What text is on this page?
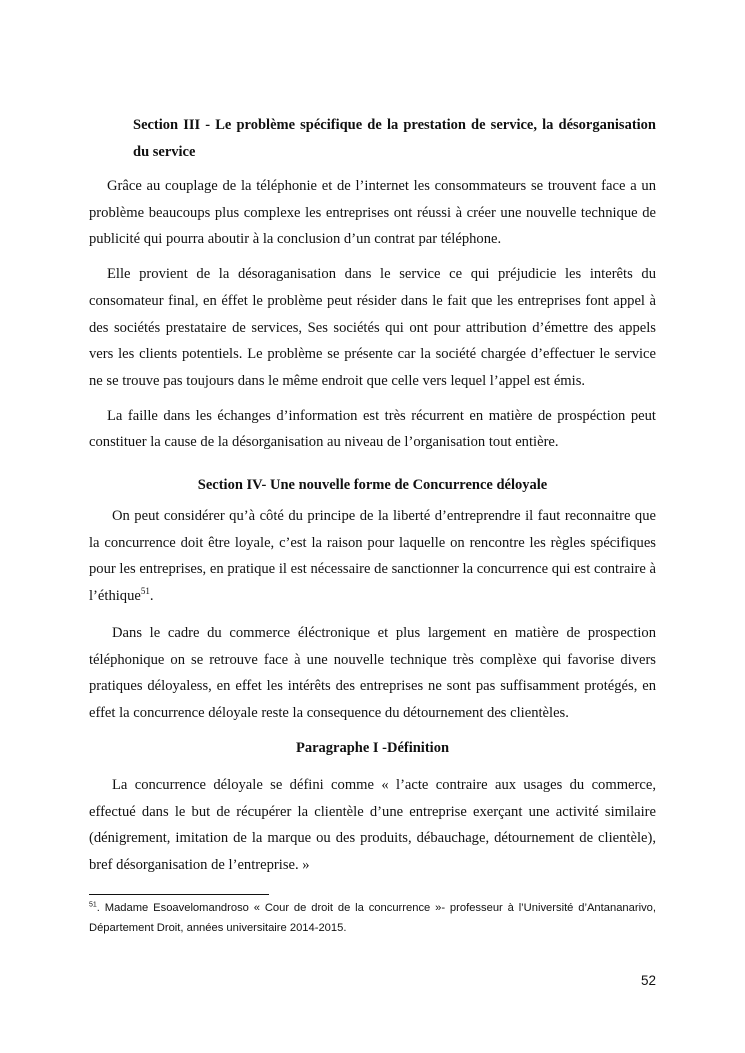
Section III - Le problème spécifique de la prestation de service, la désorganisation du service

Grâce au couplage de la téléphonie et de l’internet les consommateurs se trouvent face a un problème beaucoups plus complexe les entreprises ont réussi à créer une nouvelle technique de publicité qui pourra aboutir à la conclusion d’un contrat par téléphone.

Elle provient de la désoraganisation dans le service ce qui préjudicie les interêts du consomateur final, en éffet le problème peut résider dans le fait que les entreprises font appel à des sociétés prestataire de services, Ses sociétés qui ont pour attribution d’émettre des appels vers les clients potentiels. Le problème se présente car la société chargée d’effectuer le service ne se trouve pas toujours dans le même endroit que celle vers lequel l’appel est émis.

La faille dans les échanges d’information est très récurrent en matière de prospéction peut constituer la cause de la désorganisation au niveau de l’organisation tout entière.

Section IV- Une nouvelle forme de Concurrence déloyale

On peut considérer qu’à côté du principe de la liberté d’entreprendre il faut reconnaitre que la concurrence doit être loyale, c’est la raison pour laquelle on rencontre les règles spécifiques pour les entreprises, en pratique il est nécessaire de sanctionner la concurrence qui est contraire à l’éthique$^{51}$.

Dans le cadre du commerce éléctronique et plus largement en matière de prospection téléphonique on se retrouve face à une nouvelle technique très complèxe qui favorise divers pratiques déloyaless, en effet les intérêts des entreprises ne sont pas suffisamment protégés, en effet la concurrence déloyale reste la consequence du détournement des clientèles.

Paragraphe I -Définition

La concurrence déloyale se défini comme « l’acte contraire aux usages du commerce, effectué dans le but de récupérer la clientèle d’une entreprise exerçant une activité similaire (dénigrement, imitation de la marque ou des produits, débauchage, détournement de clientèle), bref désorganisation de l’entreprise. »

$^{51}$. Madame Esoavelomandroso « Cour de droit de la concurrence »- professeur à l’Université d’Antananarivo, Département Droit, années universitaire 2014-2015.
52
